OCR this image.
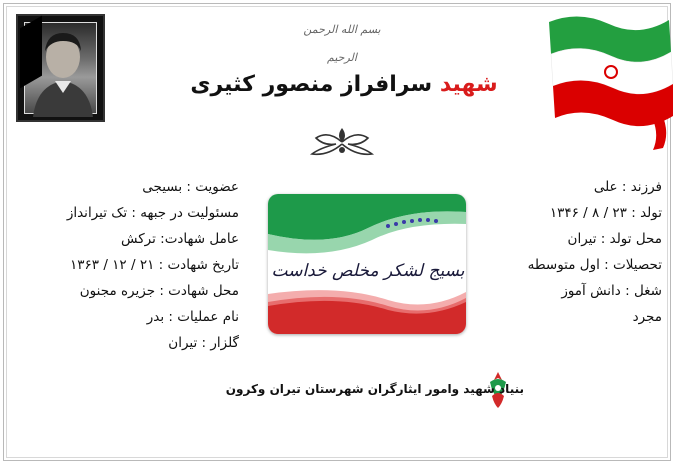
بسم الله الرحمن الرحیم
شهید سرافراز منصور کثیری
فرزند : علی
تولد : ۲۳ / ۸ / ۱۳۴۶
محل تولد : تیران
تحصیلات : اول متوسطه
شغل : دانش آموز
مجرد
عضویت : بسیجی
مسئولیت در جبهه : تک تیرانداز
عامل شهادت: ترکش
تاریخ شهادت : ۲۱ / ۱۲ / ۱۳۶۳
محل شهادت : جزیره مجنون
نام عملیات : بدر
گلزار : تیران
بسیج لشکر مخلص خداست
بنیاد شهید وامور ایثارگران شهرستان تیران وکرون
